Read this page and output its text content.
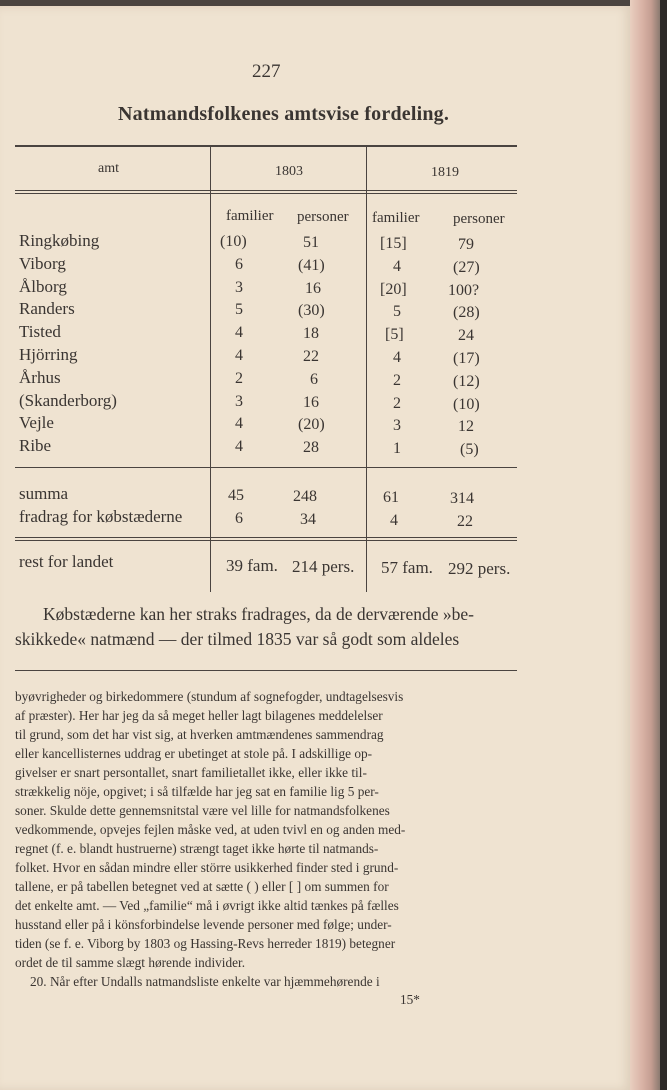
227
Natmandsfolkenes amtsvise fordeling.
amt	1803	1819
familier personer familier personer
Ringkøbing	(10)	51	[15]	79
Viborg	6	(41)	4	(27)
Ålborg	3	16	[20]	100?
Randers	5	(30)	5	(28)
Tisted	4	18	[5]	24
Hjörring	4	22	4	(17)
Århus	2	6	2	(12)
(Skanderborg)	3	16	2	(10)
Vejle	4	(20)	3	12
Ribe	4	28	1	(5)
summa	45	248	61	314
fradrag for købstæderne	6	34	4	22
rest for landet	39 fam. 214 pers. 57 fam. 292 pers.
Købstæderne kan her straks fradrages, da de derværende »be-
skikkede« natmænd — der tilmed 1835 var så godt som aldeles
byøvrigheder og birkedommere (stundum af sognefogder, undtagelsesvis
af præster). Her har jeg da så meget heller lagt bilagenes meddelelser
til grund, som det har vist sig, at hverken amtmændenes sammendrag
eller kancellisternes uddrag er ubetinget at stole på. I adskillige op-
givelser er snart persontallet, snart familietallet ikke, eller ikke til-
strækkelig nöje, opgivet; i så tilfælde har jeg sat en familie lig 5 per-
soner. Skulde dette gennemsnitstal være vel lille for natmandsfolkenes
vedkommende, opvejes fejlen måske ved, at uden tvivl en og anden med-
regnet (f. e. blandt hustruerne) strængt taget ikke hørte til natmands-
folket. Hvor en sådan mindre eller större usikkerhed finder sted i grund-
tallene, er på tabellen betegnet ved at sætte ( ) eller [ ] om summen for
det enkelte amt. — Ved „familie“ må i øvrigt ikke altid tænkes på fælles
husstand eller på i könsforbindelse levende personer med følge; under-
tiden (se f. e. Viborg by 1803 og Hassing-Revs herreder 1819) betegner
ordet de til samme slægt hørende individer.
20. Når efter Undalls natmandsliste enkelte var hjæmmehørende i
15*
